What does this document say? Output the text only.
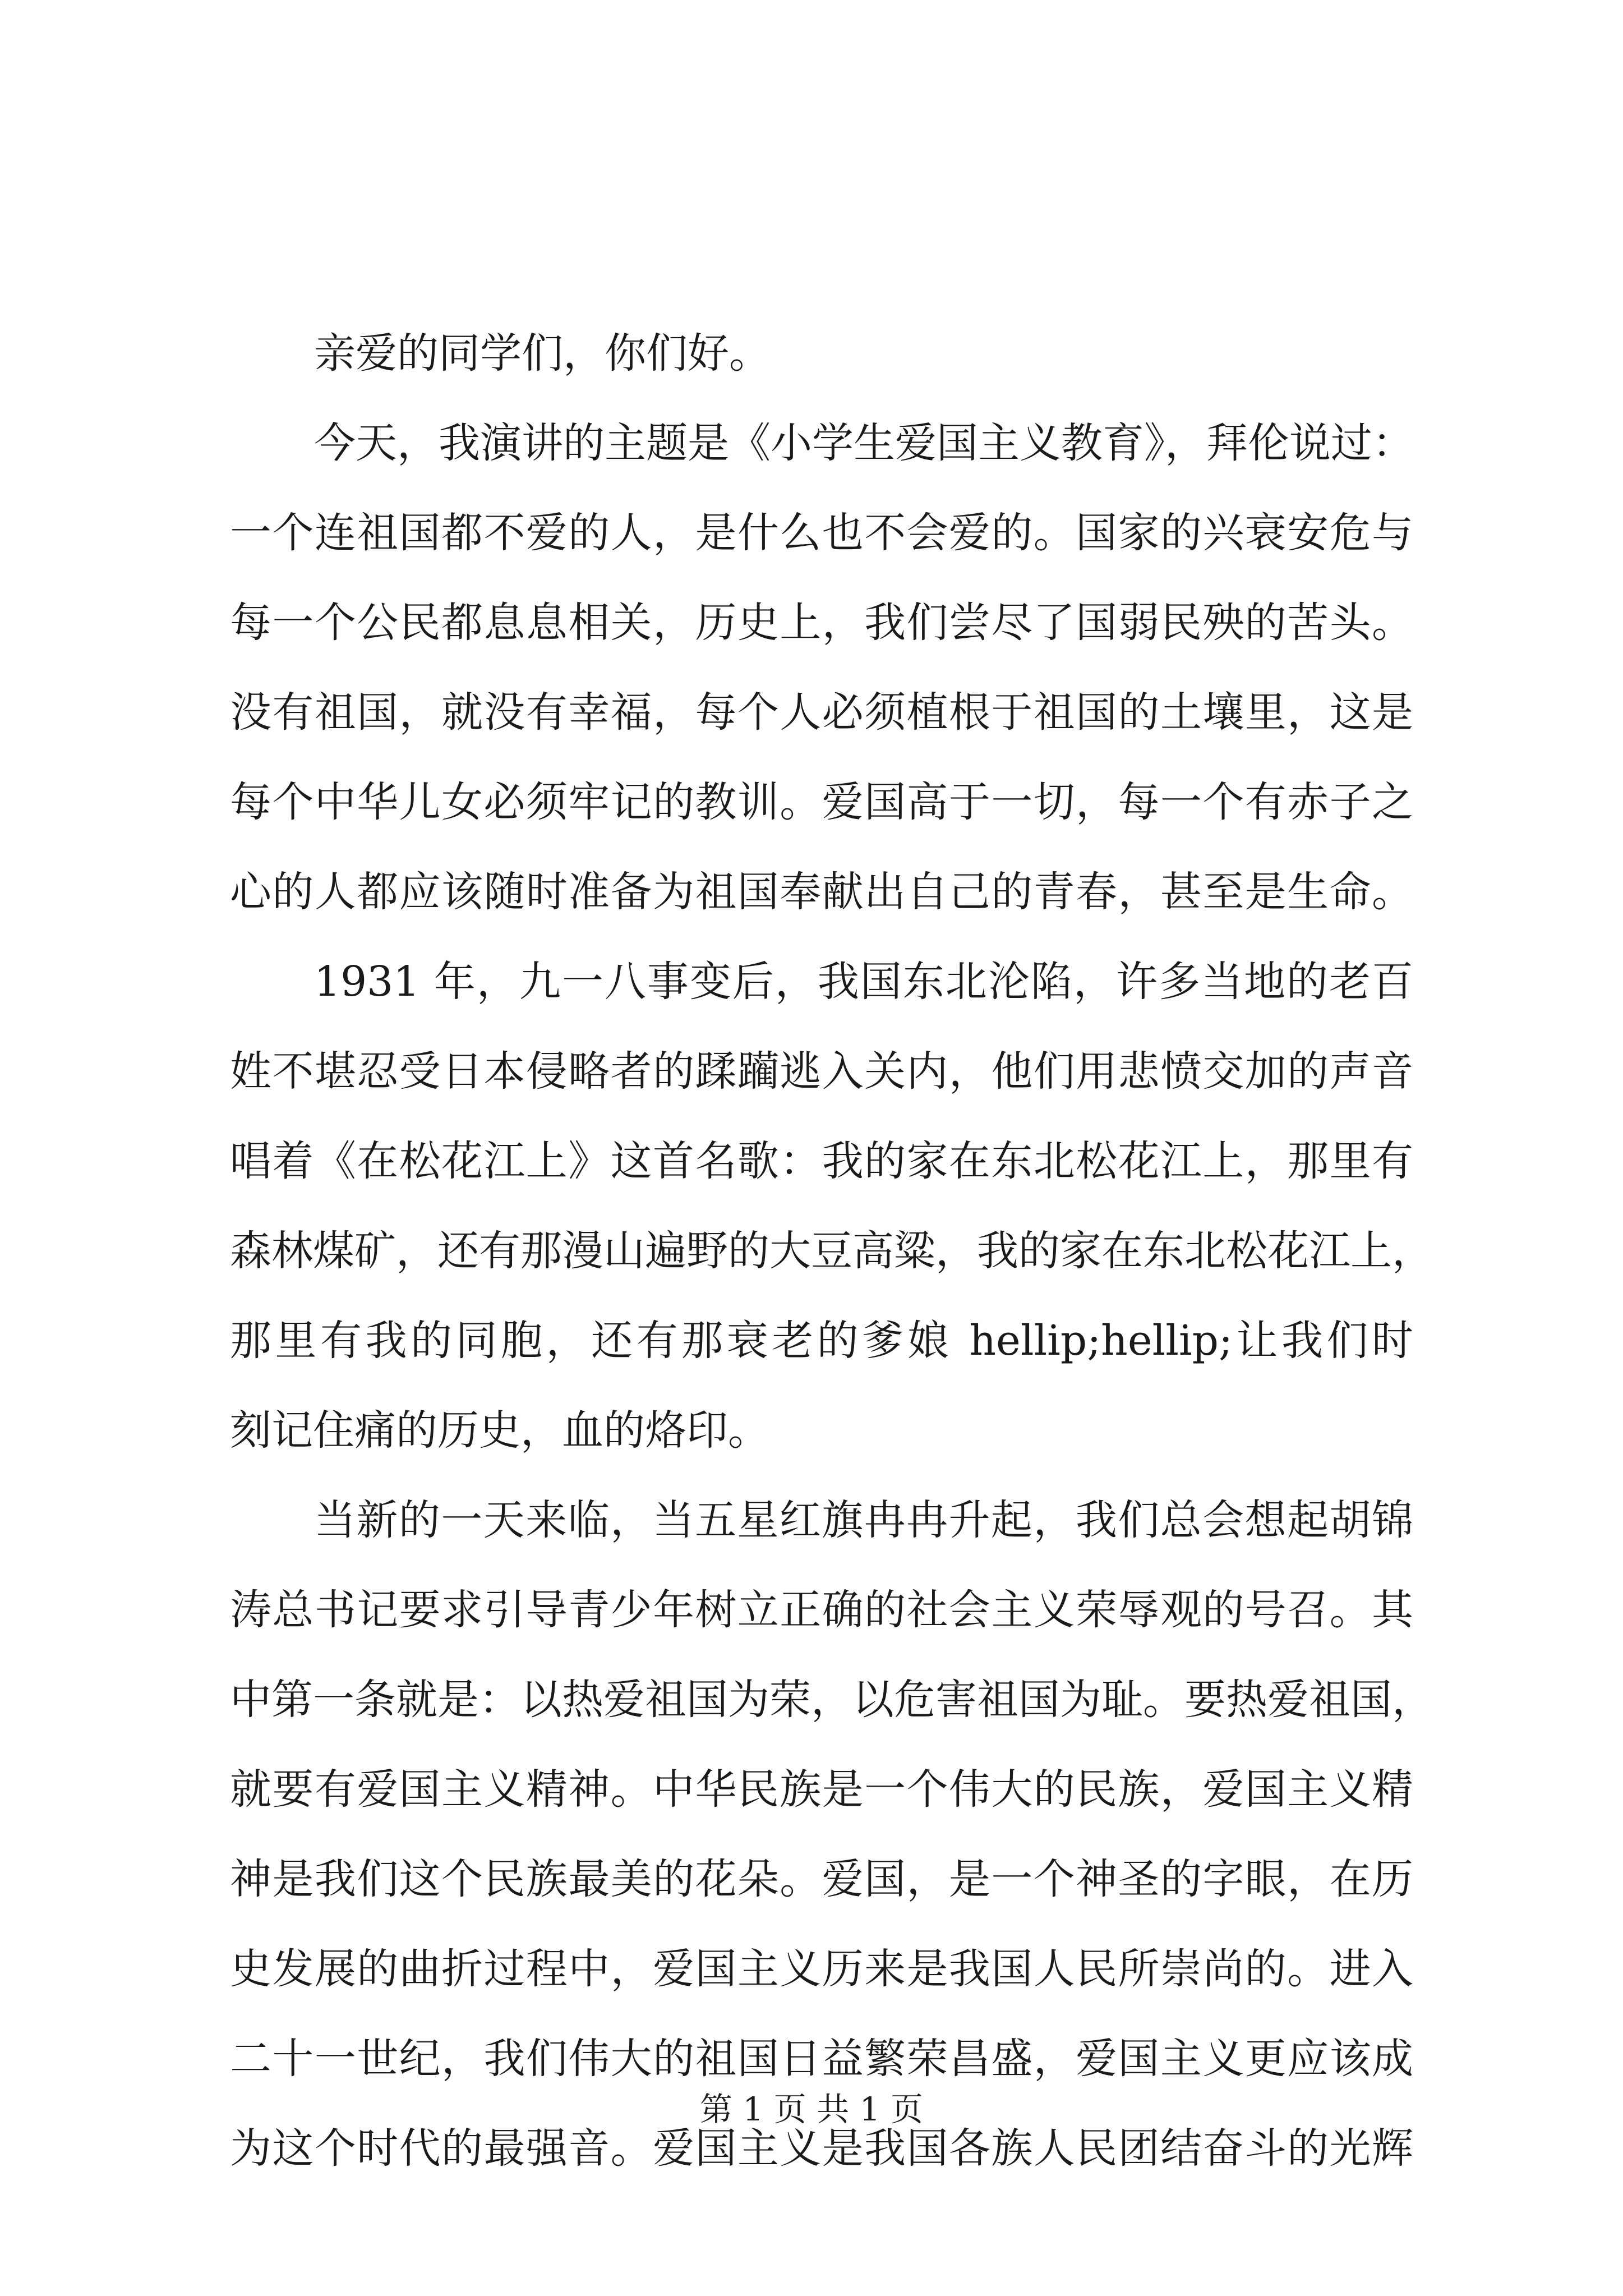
亲爱的同学们，你们好。
今天，我演讲的主题是《小学生爱国主义教育》，拜伦说过：
一个连祖国都不爱的人，是什么也不会爱的。国家的兴衰安危与
每一个公民都息息相关，历史上，我们尝尽了国弱民殃的苦头。
没有祖国，就没有幸福，每个人必须植根于祖国的土壤里，这是
每个中华儿女必须牢记的教训。爱国高于一切，每一个有赤子之
心的人都应该随时准备为祖国奉献出自己的青春，甚至是生命。
1931 年，九一八事变后，我国东北沦陷，许多当地的老百
姓不堪忍受日本侵略者的蹂躏逃入关内，他们用悲愤交加的声音
唱着《在松花江上》这首名歌：我的家在东北松花江上，那里有
森林煤矿，还有那漫山遍野的大豆高粱，我的家在东北松花江上，
那里有我的同胞，还有那衰老的爹娘 hellip;hellip;让我们时
刻记住痛的历史，血的烙印。
当新的一天来临，当五星红旗冉冉升起，我们总会想起胡锦
涛总书记要求引导青少年树立正确的社会主义荣辱观的号召。其
中第一条就是：以热爱祖国为荣，以危害祖国为耻。要热爱祖国，
就要有爱国主义精神。中华民族是一个伟大的民族，爱国主义精
神是我们这个民族最美的花朵。爱国，是一个神圣的字眼，在历
史发展的曲折过程中，爱国主义历来是我国人民所崇尚的。进入
二十一世纪，我们伟大的祖国日益繁荣昌盛，爱国主义更应该成
为这个时代的最强音。爱国主义是我国各族人民团结奋斗的光辉
第 1 页 共 1 页
